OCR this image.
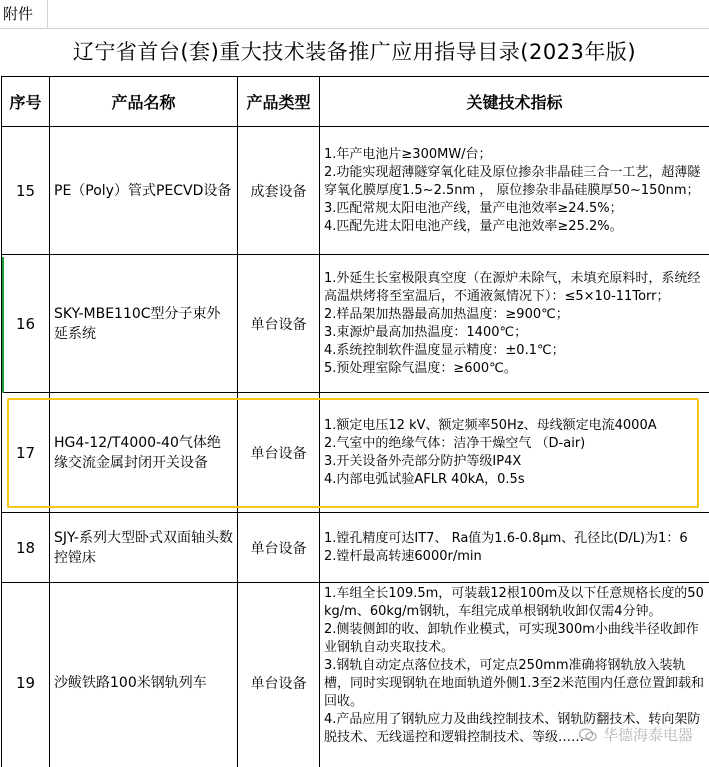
附件
辽宁省首台(套)重大技术装备推广应用指导目录(2023年版)
序号	产品名称	产品类型	关键技术指标
15	PE（Poly）管式PECVD设备	成套设备	1.年产电池片≥300MW/台；
2.功能实现超薄隧穿氧化硅及原位掺杂非晶硅三合一工艺，超薄隧穿氧化膜厚度1.5~2.5nm ， 原位掺杂非晶硅膜厚50~150nm；
3.匹配常规太阳电池产线，量产电池效率≥24.5%；
4.匹配先进太阳电池产线，量产电池效率≥25.2%。

16	SKY-MBE110C型分子束外延系统	单台设备	1.外延生长室极限真空度（在源炉未除气，未填充原料时，系统经高温烘烤将至室温后，不通液氮情况下）：≤5×10-11Torr；
2.样品架加热器最高加热温度：≥900℃；
3.束源炉最高加热温度：1400℃；
4.系统控制软件温度显示精度：±0.1℃；
5.预处理室除气温度：≥600℃。

17	HG4-12/T4000-40气体绝缘交流金属封闭开关设备	单台设备	1.额定电压12 kV、额定频率50Hz、母线额定电流4000A
2.气室中的绝缘气体：洁净干燥空气 （D-air)
3.开关设备外壳部分防护等级IP4X
4.内部电弧试验AFLR 40kA，0.5s

18	SJY-系列大型卧式双面轴头数控镗床	单台设备	1.镗孔精度可达IT7、 Ra值为1.6-0.8μm、孔径比(D/L)为1：6
2.镗杆最高转速6000r/min

19	沙鲅铁路100米钢轨列车	单台设备	1.车组全长109.5m，可装载12根100m及以下任意规格长度的50kg/m、60kg/m钢轨，车组完成单根钢轨收卸仅需4分钟。
2.侧装侧卸的收、卸轨作业模式，可实现300m小曲线半径收卸作业钢轨自动夹取技术。
3.钢轨自动定点落位技术，可定点250mm准确将钢轨放入装轨槽，同时实现钢轨在地面轨道外侧1.3至2米范围内任意位置卸载和回收。
4.产品应用了钢轨应力及曲线控制技术、钢轨防翻技术、转向架防脱技术、无线遥控和逻辑控制技术、等级……	华德海泰电器
